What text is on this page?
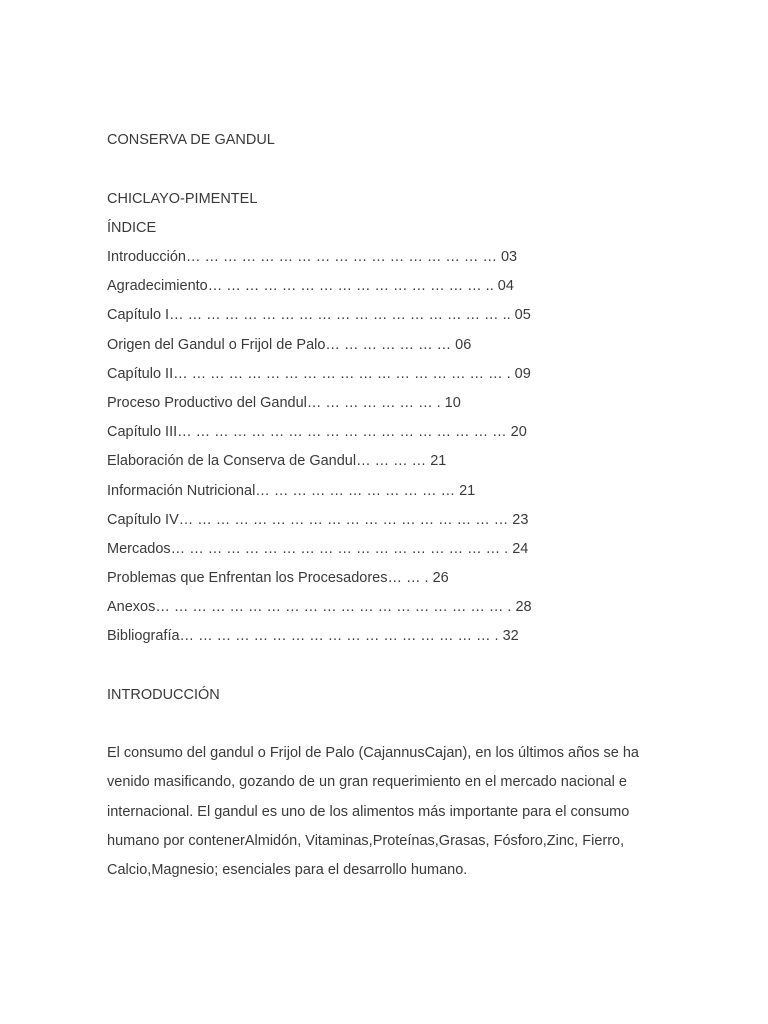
CONSERVA DE GANDUL
CHICLAYO-PIMENTEL
ÍNDICE
Introducción… … … … … … … … … … … … … … … … … 03
Agradecimiento… … … … … … … … … … … … … … … .. 04
Capítulo I… … … … … … … … … … … … … … … … … … .. 05
Origen del Gandul o Frijol de Palo… … … … … … … 06
Capítulo II… … … … … … … … … … … … … … … … … … . 09
Proceso Productivo del Gandul… … … … … … … . 10
Capítulo III… … … … … … … … … … … … … … … … … … 20
Elaboración de la Conserva de Gandul… … … … 21
Información Nutricional… … … … … … … … … … … 21
Capítulo IV… … … … … … … … … … … … … … … … … … 23
Mercados… … … … … … … … … … … … … … … … … … . 24
Problemas que Enfrentan los Procesadores… … . 26
Anexos… … … … … … … … … … … … … … … … … … … . 28
Bibliografía… … … … … … … … … … … … … … … … … . 32
INTRODUCCIÓN

El consumo del gandul o Frijol de Palo (CajannusCajan), en los últimos años se ha venido masificando, gozando de un gran requerimiento en el mercado nacional e internacional. El gandul es uno de los alimentos más importante para el consumo humano por contenerAlmidón, Vitaminas,Proteínas,Grasas, Fósforo,Zinc, Fierro, Calcio,Magnesio; esenciales para el desarrollo humano.
